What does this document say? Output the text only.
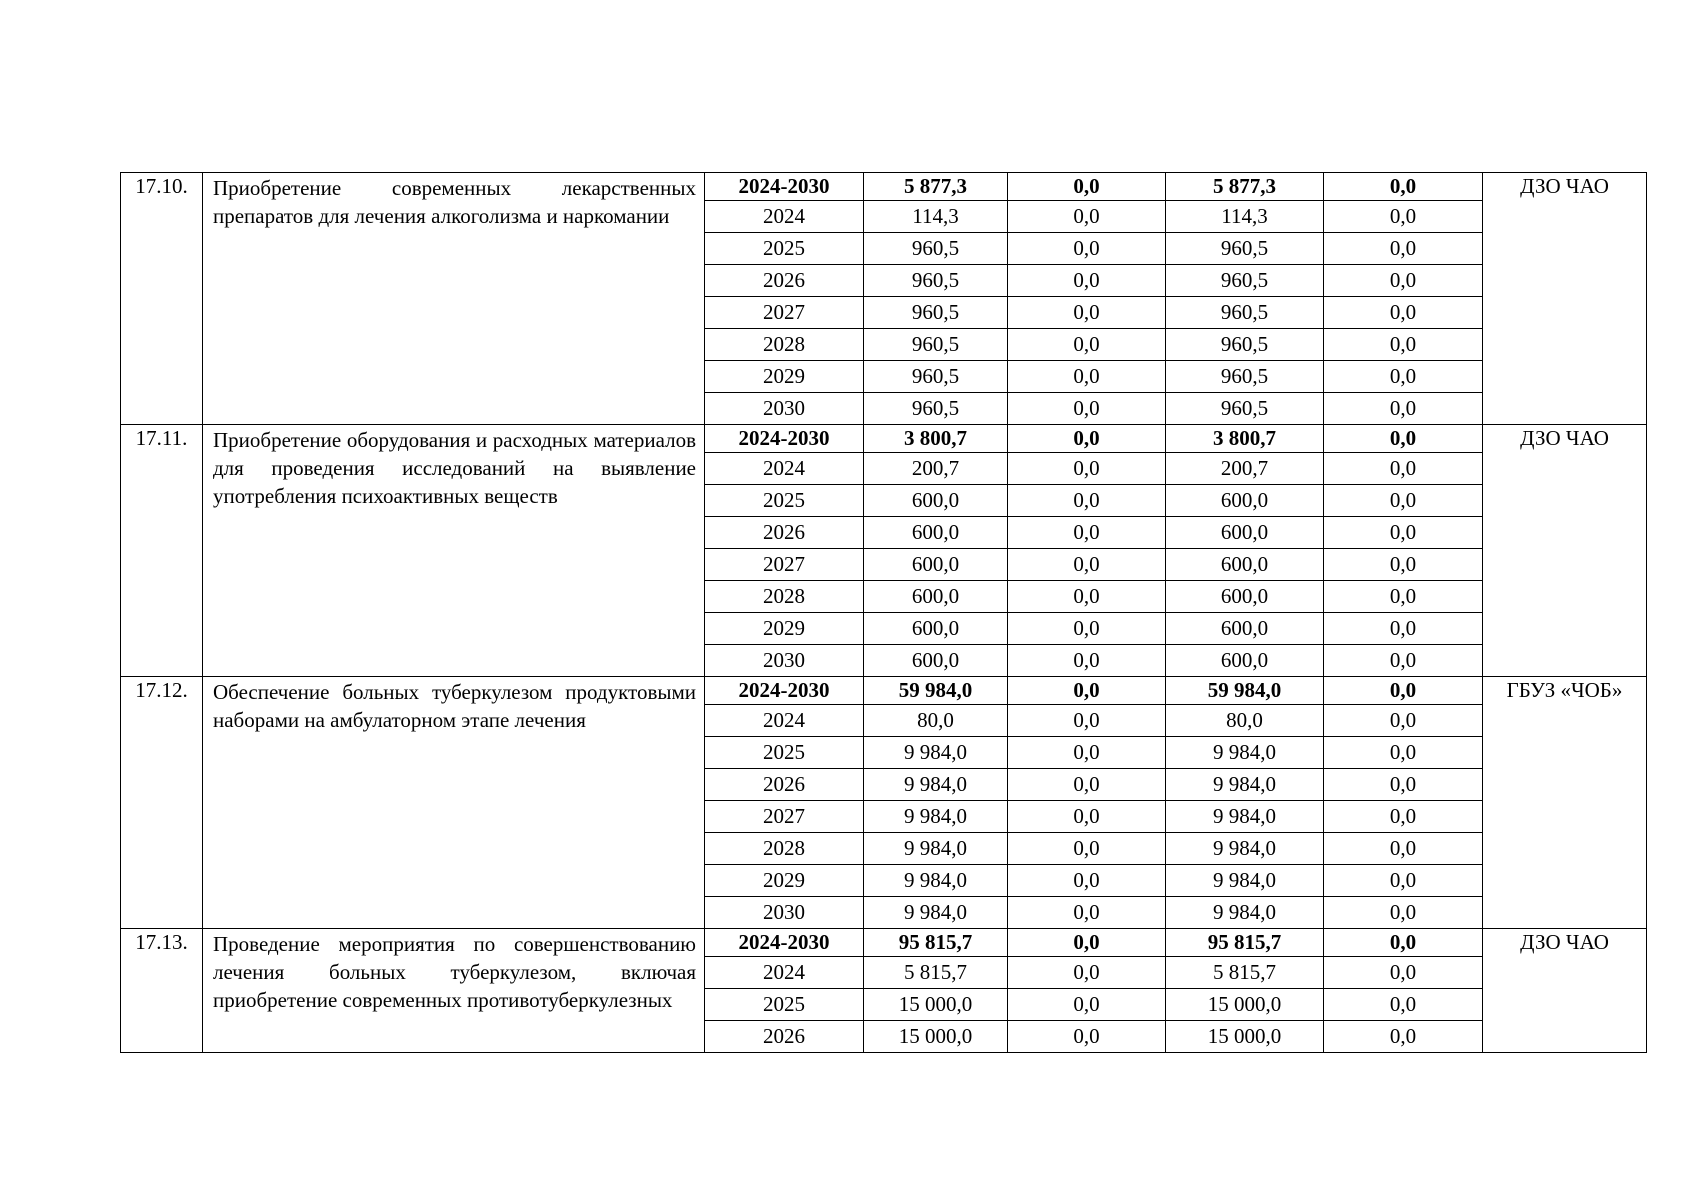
17.10.	Приобретение современных лекарственных препаратов для лечения алкоголизма и наркомании	2024-2030	5 877,3	0,0	5 877,3	0,0	ДЗО ЧАО
		2024	114,3	0,0	114,3	0,0	
		2025	960,5	0,0	960,5	0,0	
		2026	960,5	0,0	960,5	0,0	
		2027	960,5	0,0	960,5	0,0	
		2028	960,5	0,0	960,5	0,0	
		2029	960,5	0,0	960,5	0,0	
		2030	960,5	0,0	960,5	0,0	
17.11.	Приобретение оборудования и расходных материалов для проведения исследований на выявление употребления психоактивных веществ	2024-2030	3 800,7	0,0	3 800,7	0,0	ДЗО ЧАО
		2024	200,7	0,0	200,7	0,0	
		2025	600,0	0,0	600,0	0,0	
		2026	600,0	0,0	600,0	0,0	
		2027	600,0	0,0	600,0	0,0	
		2028	600,0	0,0	600,0	0,0	
		2029	600,0	0,0	600,0	0,0	
		2030	600,0	0,0	600,0	0,0	
17.12.	Обеспечение больных туберкулезом продуктовыми наборами на амбулаторном этапе лечения	2024-2030	59 984,0	0,0	59 984,0	0,0	ГБУЗ «ЧОБ»
		2024	80,0	0,0	80,0	0,0	
		2025	9 984,0	0,0	9 984,0	0,0	
		2026	9 984,0	0,0	9 984,0	0,0	
		2027	9 984,0	0,0	9 984,0	0,0	
		2028	9 984,0	0,0	9 984,0	0,0	
		2029	9 984,0	0,0	9 984,0	0,0	
		2030	9 984,0	0,0	9 984,0	0,0	
17.13.	Проведение мероприятия по совершенствованию лечения больных туберкулезом, включая приобретение современных противотуберкулезных	2024-2030	95 815,7	0,0	95 815,7	0,0	ДЗО ЧАО
		2024	5 815,7	0,0	5 815,7	0,0	
		2025	15 000,0	0,0	15 000,0	0,0	
		2026	15 000,0	0,0	15 000,0	0,0	
